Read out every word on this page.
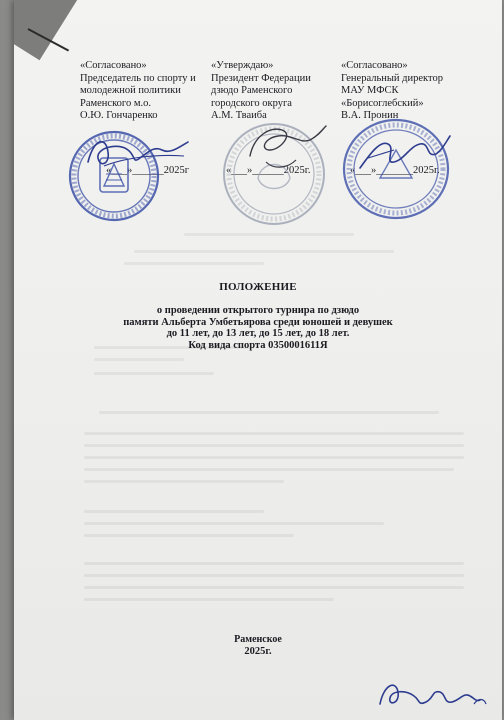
«Согласовано»
Председатель по спорту и
молодежной политики
Раменского м.о.
О.Ю. Гончаренко
«Утверждаю»
Президент Федерации
дзюдо Раменского
городского округа
А.М. Тваиба
«Согласовано»
Генеральный директор
МАУ МФСК
«Борисоглебский»
В.А. Пронин
«___»______2025г	«___»______2025г.	«___»_______2025г.
ПОЛОЖЕНИЕ
о проведении открытого турнира по дзюдо
памяти Альберта Умбетьярова среди юношей и девушек
до 11 лет, до 13 лет, до 15 лет, до 18 лет.
Код вида спорта 0350001611Я
Раменское
2025г.
